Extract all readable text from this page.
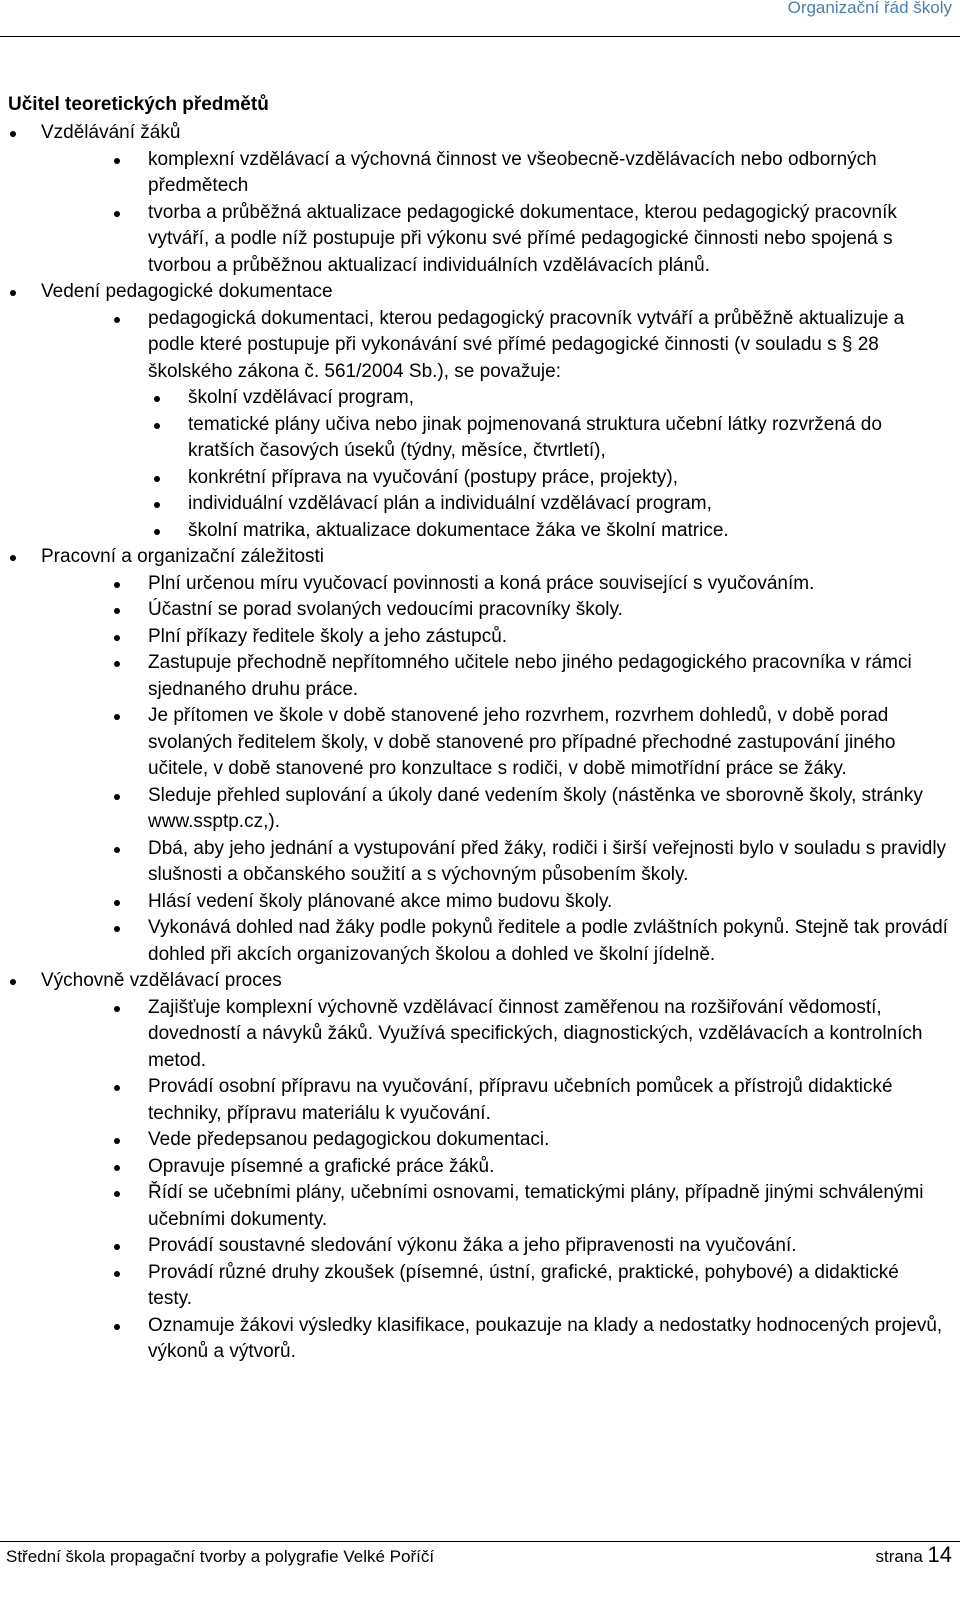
Organizační řád školy
Učitel teoretických předmětů
Vzdělávání žáků
komplexní vzdělávací a výchovná činnost ve všeobecně-vzdělávacích nebo odborných předmětech
tvorba a průběžná aktualizace pedagogické dokumentace, kterou pedagogický pracovník vytváří, a podle níž postupuje při výkonu své přímé pedagogické činnosti nebo spojená s tvorbou a průběžnou aktualizací individuálních vzdělávacích plánů.
Vedení pedagogické dokumentace
pedagogická dokumentaci, kterou pedagogický pracovník vytváří a průběžně aktualizuje a podle které postupuje při vykonávání své přímé pedagogické činnosti (v souladu s § 28 školského zákona č. 561/2004 Sb.), se považuje:
školní vzdělávací program,
tematické plány učiva nebo jinak pojmenovaná struktura učební látky rozvržená do kratších časových úseků (týdny, měsíce, čtvrtletí),
konkrétní příprava na vyučování (postupy práce, projekty),
individuální vzdělávací plán a individuální vzdělávací program,
školní matrika, aktualizace dokumentace žáka ve školní matrice.
Pracovní a organizační záležitosti
Plní určenou míru vyučovací povinnosti a koná práce související s vyučováním.
Účastní se porad svolaných vedoucími pracovníky školy.
Plní příkazy ředitele školy a jeho zástupců.
Zastupuje přechodně nepřítomného učitele nebo jiného pedagogického pracovníka v rámci sjednaného druhu práce.
Je přítomen ve škole v době stanovené jeho rozvrhem, rozvrhem dohledů, v době porad svolaných ředitelem školy, v době stanovené pro případné přechodné zastupování jiného učitele, v době stanovené pro konzultace s rodiči, v době mimotřídní práce se žáky.
Sleduje přehled suplování a úkoly dané vedením školy (nástěnka ve sborovně školy, stránky www.ssptp.cz,).
Dbá, aby jeho jednání a vystupování před žáky, rodiči i širší veřejnosti bylo v souladu s pravidly slušnosti a občanského soužití a s výchovným působením školy.
Hlásí vedení školy plánované akce mimo budovu školy.
Vykonává dohled nad žáky podle pokynů ředitele a podle zvláštních pokynů. Stejně tak provádí dohled při akcích organizovaných školou a dohled ve školní jídelně.
Výchovně vzdělávací proces
Zajišťuje komplexní výchovně vzdělávací činnost zaměřenou na rozšiřování vědomostí, dovedností a návyků žáků. Využívá specifických, diagnostických, vzdělávacích a kontrolních metod.
Provádí osobní přípravu na vyučování, přípravu učebních pomůcek a přístrojů didaktické techniky, přípravu materiálu k vyučování.
Vede předepsanou pedagogickou dokumentaci.
Opravuje písemné a grafické práce žáků.
Řídí se učebními plány, učebními osnovami, tematickými plány, případně jinými schválenými učebními dokumenty.
Provádí soustavné sledování výkonu žáka a jeho připravenosti na vyučování.
Provádí různé druhy zkoušek (písemné, ústní, grafické, praktické, pohybové) a didaktické testy.
Oznamuje žákovi výsledky klasifikace, poukazuje na klady a nedostatky hodnocených projevů, výkonů a výtvorů.
Střední škola propagační tvorby a polygrafie Velké Poříčí	strana 14
